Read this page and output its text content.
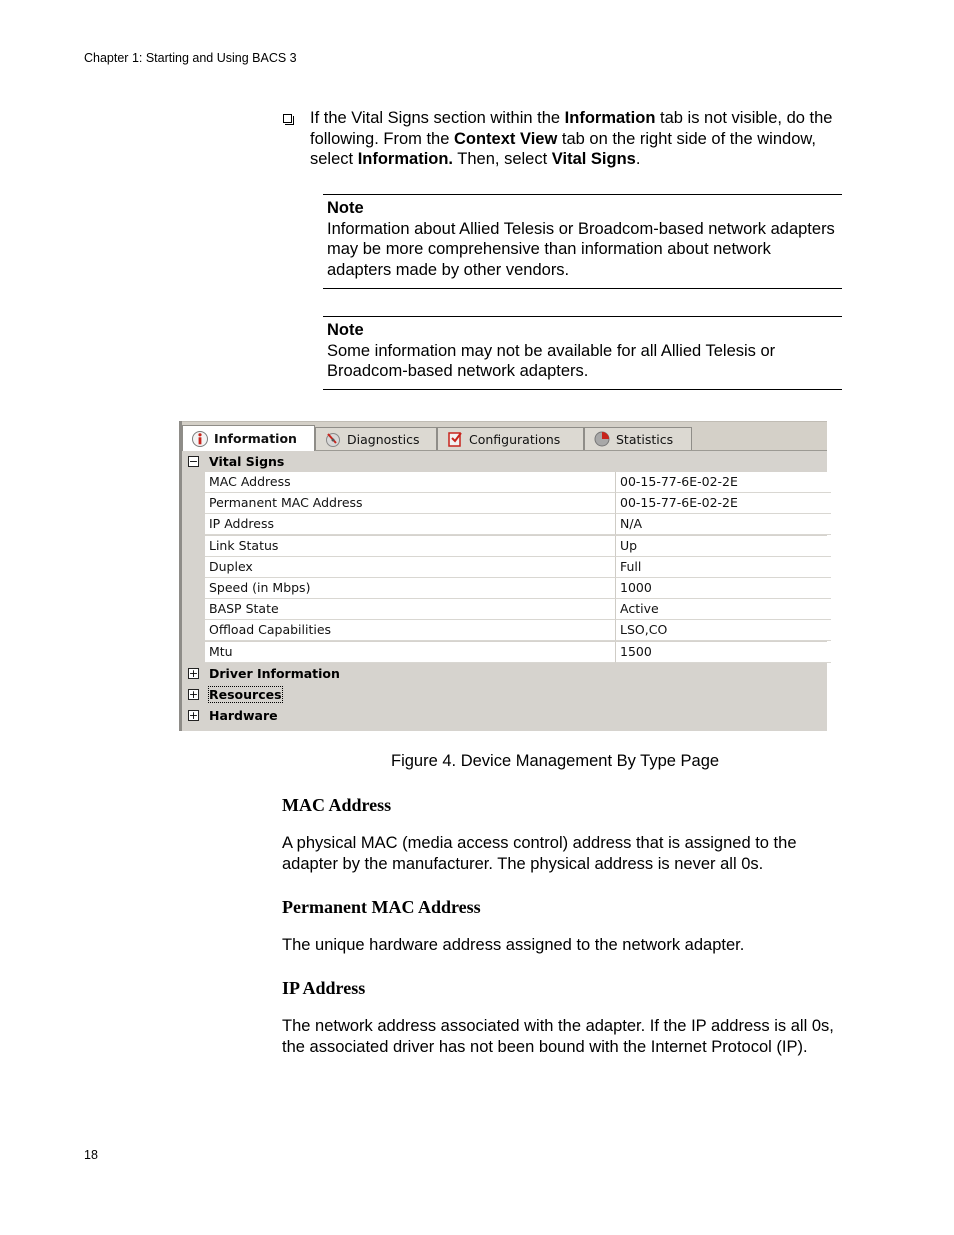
Chapter 1: Starting and Using BACS 3
If the Vital Signs section within the Information tab is not visible, do the following. From the Context View tab on the right side of the window, select Information. Then, select Vital Signs.
Note
Information about Allied Telesis or Broadcom-based network adapters may be more comprehensive than information about network adapters made by other vendors.
Note
Some information may not be available for all Allied Telesis or Broadcom-based network adapters.
Information	Diagnostics	Configurations	Statistics
− Vital Signs
MAC Address	00-15-77-6E-02-2E
Permanent MAC Address	00-15-77-6E-02-2E
IP Address	N/A
Link Status	Up
Duplex	Full
Speed (in Mbps)	1000
BASP State	Active
Offload Capabilities	LSO,CO
Mtu	1500
+ Driver Information
+ Resources
+ Hardware
Figure 4. Device Management By Type Page
MAC Address
A physical MAC (media access control) address that is assigned to the adapter by the manufacturer. The physical address is never all 0s.
Permanent MAC Address
The unique hardware address assigned to the network adapter.
IP Address
The network address associated with the adapter. If the IP address is all 0s, the associated driver has not been bound with the Internet Protocol (IP).
18
